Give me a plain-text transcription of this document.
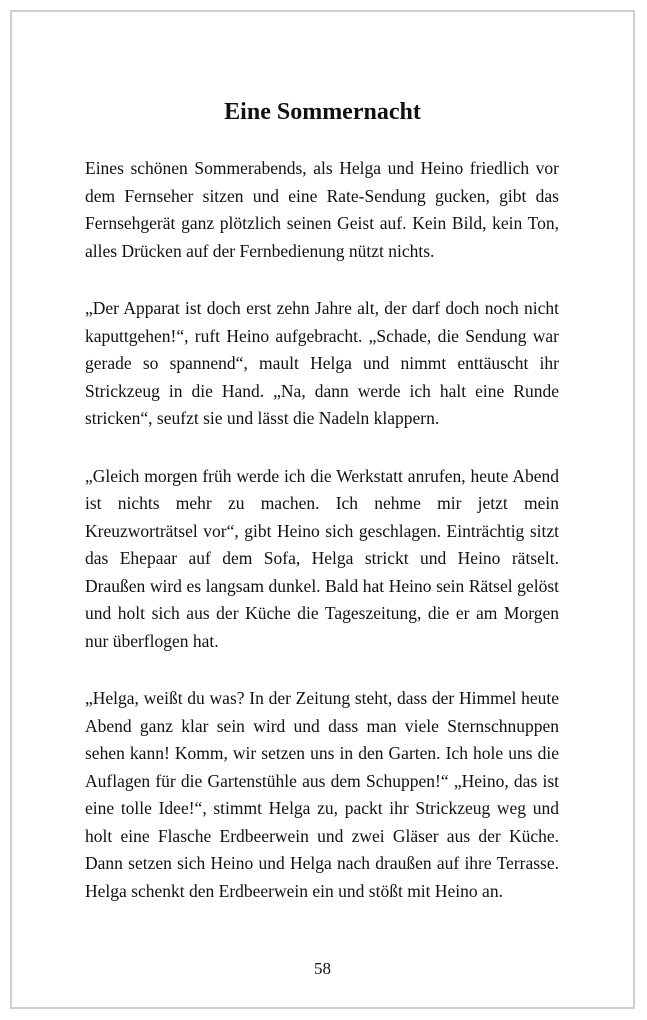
Eine Sommernacht

Eines schönen Sommerabends, als Helga und Heino friedlich vor dem Fernseher sitzen und eine Rate-Sendung gucken, gibt das Fernsehgerät ganz plötzlich seinen Geist auf. Kein Bild, kein Ton, alles Drücken auf der Fernbedienung nützt nichts.

„Der Apparat ist doch erst zehn Jahre alt, der darf doch noch nicht kaputtgehen!“, ruft Heino aufgebracht. „Schade, die Sendung war gerade so spannend“, mault Helga und nimmt enttäuscht ihr Strickzeug in die Hand. „Na, dann werde ich halt eine Runde stricken“, seufzt sie und lässt die Nadeln klappern.

„Gleich morgen früh werde ich die Werkstatt anrufen, heute Abend ist nichts mehr zu machen. Ich nehme mir jetzt mein Kreuzworträtsel vor“, gibt Heino sich geschlagen. Einträchtig sitzt das Ehepaar auf dem Sofa, Helga strickt und Heino rätselt. Draußen wird es langsam dunkel. Bald hat Heino sein Rätsel gelöst und holt sich aus der Küche die Tageszeitung, die er am Morgen nur überflogen hat.

„Helga, weißt du was? In der Zeitung steht, dass der Himmel heute Abend ganz klar sein wird und dass man viele Sternschnuppen sehen kann! Komm, wir setzen uns in den Garten. Ich hole uns die Auflagen für die Gartenstühle aus dem Schuppen!“ „Heino, das ist eine tolle Idee!“, stimmt Helga zu, packt ihr Strickzeug weg und holt eine Flasche Erdbeerwein und zwei Gläser aus der Küche. Dann setzen sich Heino und Helga nach draußen auf ihre Terrasse. Helga schenkt den Erdbeerwein ein und stößt mit Heino an.

58
